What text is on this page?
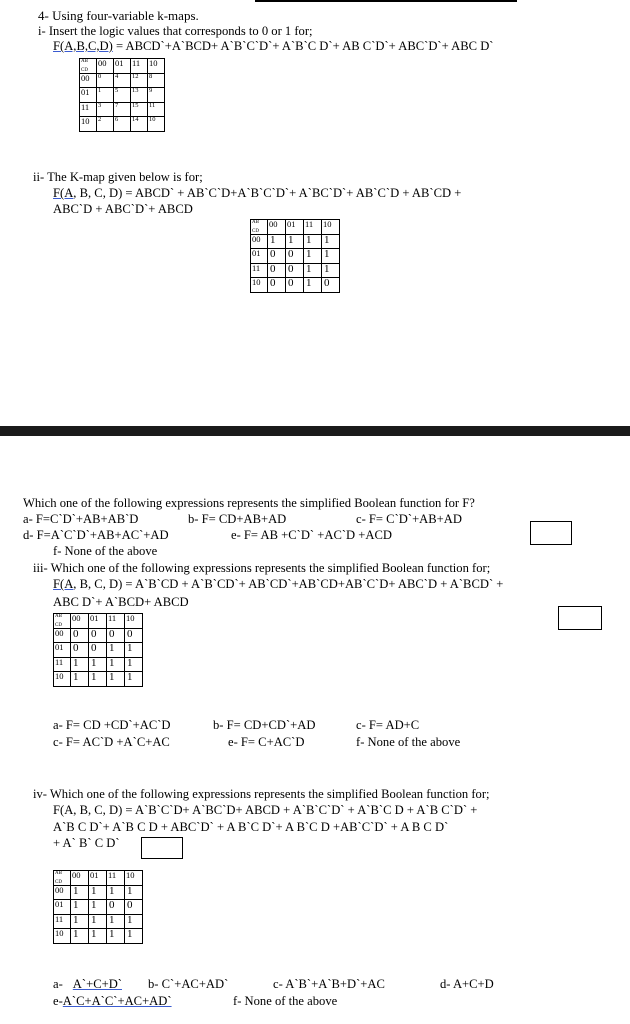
4- Using four-variable k-maps.
i- Insert the logic values that corresponds to 0 or 1 for;
F(A,B,C,D) = ABCD`+A`BCD+ A`B`C`D`+ A`B`C D`+ AB C`D`+ ABC`D`+ ABC D`
AB
CD	00	01	11	10
00	0	4	12	8
01	1	5	13	9
11	3	7	15	11
10	2	6	14	10
ii- The K-map given below is for;
F(A, B, C, D) = ABCD` + AB`C`D+A`B`C`D`+ A`BC`D`+ AB`C`D + AB`CD +
ABC`D + ABC`D`+ ABCD
AB
CD	00	01	11	10
00	1	1	1	1
01	0	0	1	1
11	0	0	1	1
10	0	0	1	0
Which one of the following expressions represents the simplified Boolean function for F?
a- F=C`D`+AB+AB`D	b- F= CD+AB+AD	c- F= C`D`+AB+AD
d- F=A`C`D`+AB+AC`+AD	e- F= AB +C`D` +AC`D +ACD
f- None of the above
iii- Which one of the following expressions represents the simplified Boolean function for;
F(A, B, C, D) = A`B`CD + A`B`CD`+ AB`CD`+AB`CD+AB`C`D+ ABC`D + A`BCD` +
ABC D`+ A`BCD+ ABCD
AB
CD	00	01	11	10
00	0	0	0	0
01	0	0	1	1
11	1	1	1	1
10	1	1	1	1
a- F= CD +CD`+AC`D	b- F= CD+CD`+AD	c- F= AD+C
c- F= AC`D +A`C+AC	e- F= C+AC`D	f- None of the above
iv- Which one of the following expressions represents the simplified Boolean function for;
F(A, B, C, D) = A`B`C`D+ A`BC`D+ ABCD + A`B`C`D` + A`B`C D + A`B C`D` +
A`B C D`+ A`B C D + ABC`D` + A B`C D`+ A B`C D +AB`C`D` + A B C D`
+ A` B` C D`
AB
CD	00	01	11	10
00	1	1	1	1
01	1	1	0	0
11	1	1	1	1
10	1	1	1	1
a- A`+C+D` b- C`+AC+AD`	c- A`B`+A`B+D`+AC	d- A+C+D
e-A`C+A`C`+AC+AD`	f- None of the above
